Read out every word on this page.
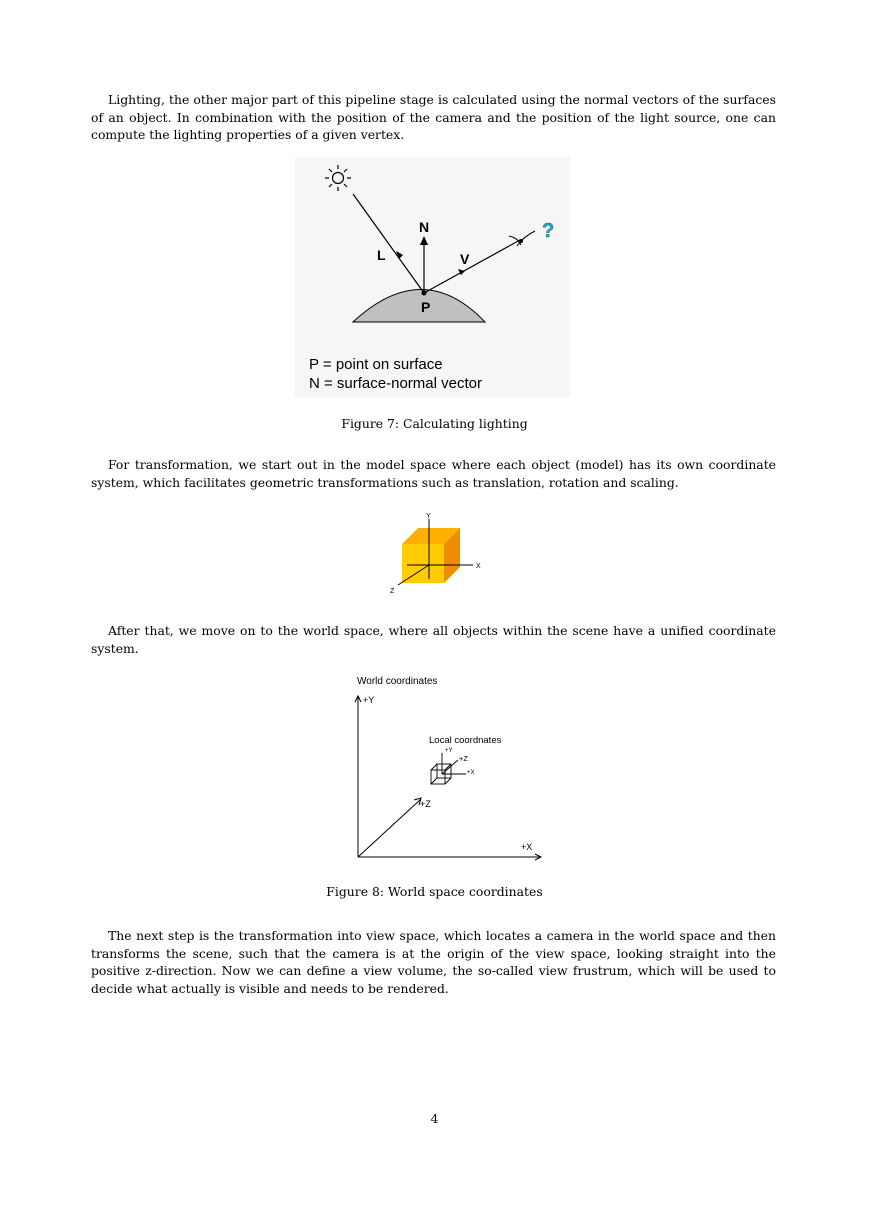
Lighting, the other major part of this pipeline stage is calculated using the normal vectors of the surfaces of an object. In combination with the position of the camera and the position of the light source, one can compute the lighting properties of a given vertex.

N
L	V
P
?
P = point on surface
N = surface-normal vector

Figure 7: Calculating lighting

For transformation, we start out in the model space where each object (model) has its own coordinate system, which facilitates geometric transformations such as translation, rotation and scaling.

Y
X
Z

After that, we move on to the world space, where all objects within the scene have a unified coordinate system.

World coordinates
+Y
+Z
+X
Local coordnates
+Y
+Z
+X

Figure 8: World space coordinates

The next step is the transformation into view space, which locates a camera in the world space and then transforms the scene, such that the camera is at the origin of the view space, looking straight into the positive z-direction. Now we can define a view volume, the so-called view frustrum, which will be used to decide what actually is visible and needs to be rendered.

4
